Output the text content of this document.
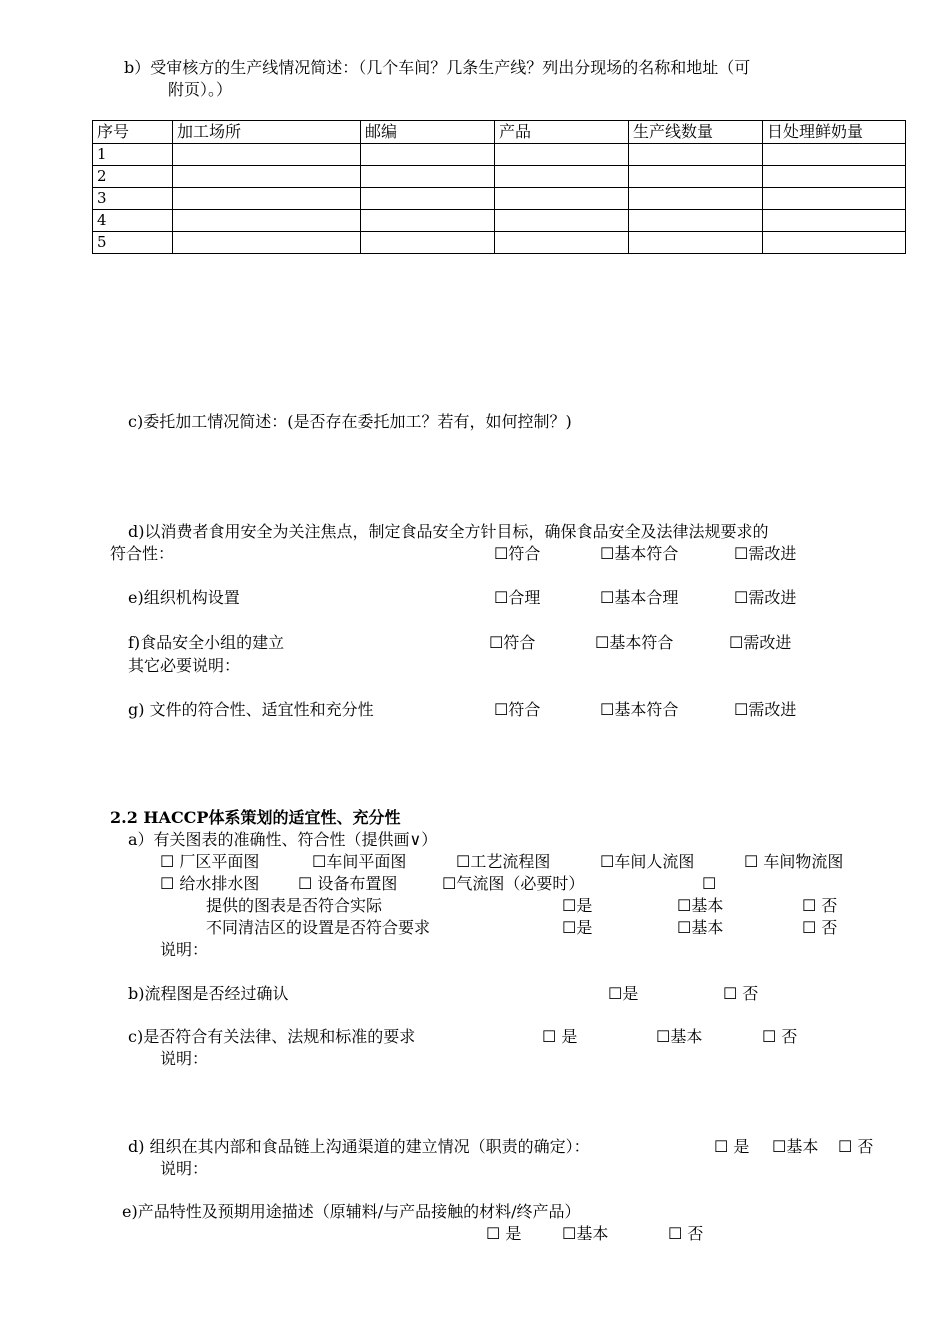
b）受审核方的生产线情况简述：（几个车间？几条生产线？列出分现场的名称和地址（可
附页）。）
序号	加工场所	邮编	产品	生产线数量	日处理鲜奶量
1					
2					
3					
4					
5					
c)委托加工情况简述：(是否存在委托加工？若有，如何控制？)
d)以消费者食用安全为关注焦点，制定食品安全方针目标，确保食品安全及法律法规要求的
符合性：	☐符合	☐基本符合	☐需改进
e)组织机构设置	☐合理	☐基本合理	☐需改进
f)食品安全小组的建立	☐符合	☐基本符合	☐需改进
其它必要说明：
g) 文件的符合性、适宜性和充分性	☐符合	☐基本符合	☐需改进
2.2 HACCP体系策划的适宜性、充分性
a）有关图表的准确性、符合性（提供画∨）
☐ 厂区平面图	☐车间平面图	☐工艺流程图	☐车间人流图	☐ 车间物流图
☐ 给水排水图 ☐ 设备布置图	☐气流图（必要时）	☐
提供的图表是否符合实际	☐是	☐基本	☐ 否
不同清洁区的设置是否符合要求	☐是	☐基本	☐ 否
说明：
b)流程图是否经过确认	☐是	☐ 否
c)是否符合有关法律、法规和标准的要求	☐ 是	☐基本	☐ 否
说明：
d) 组织在其内部和食品链上沟通渠道的建立情况（职责的确定）：	☐ 是 ☐基本 ☐ 否
说明：
e)产品特性及预期用途描述（原辅料/与产品接触的材料/终产品）
☐ 是	☐基本	☐ 否
